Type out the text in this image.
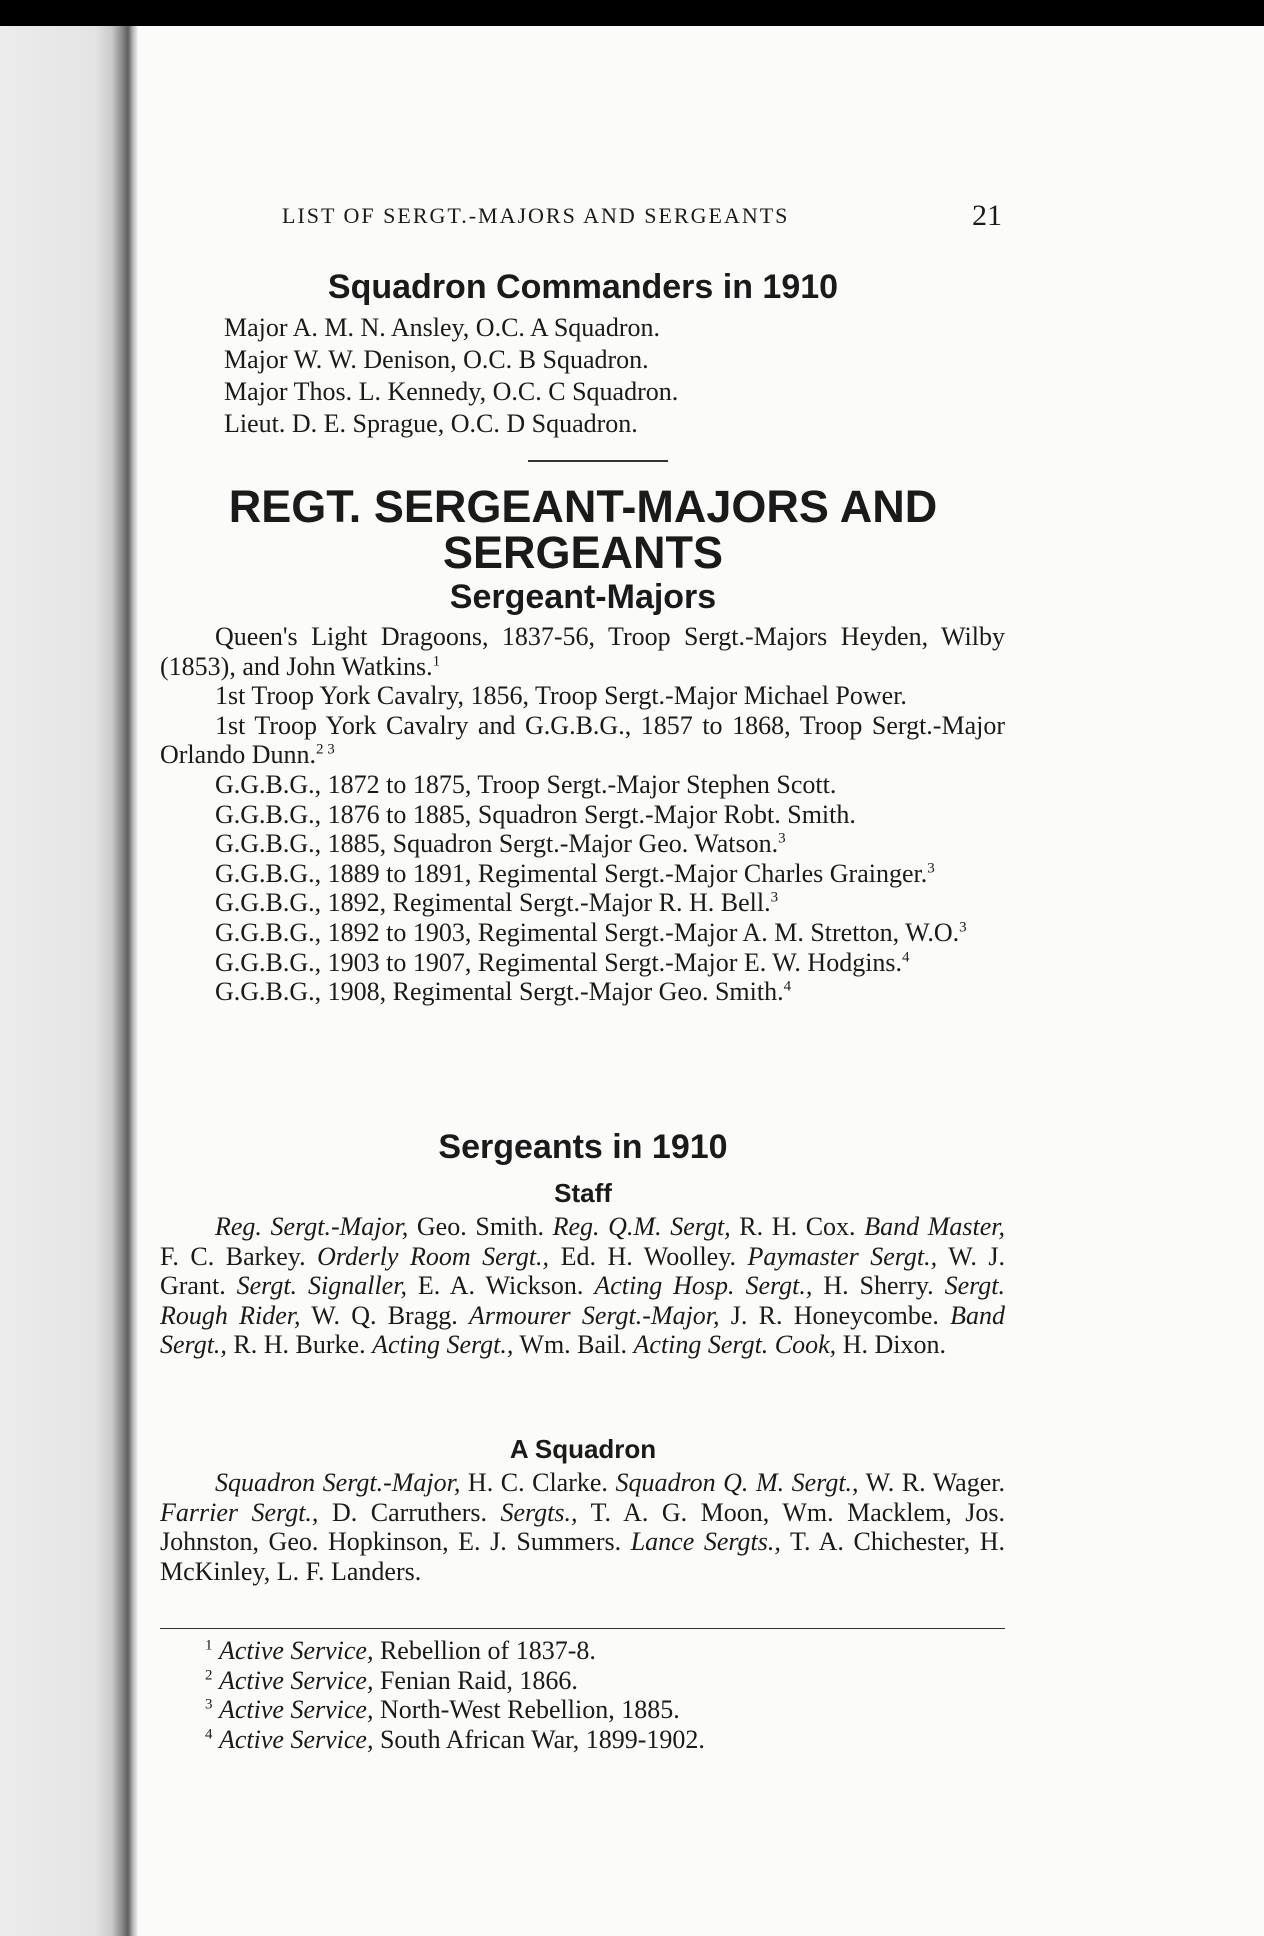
LIST OF SERGT.-MAJORS AND SERGEANTS	21
Squadron Commanders in 1910
Major A. M. N. Ansley, O.C. A Squadron.
Major W. W. Denison, O.C. B Squadron.
Major Thos. L. Kennedy, O.C. C Squadron.
Lieut. D. E. Sprague, O.C. D Squadron.
REGT. SERGEANT-MAJORS AND
SERGEANTS
Sergeant-Majors

Queen's Light Dragoons, 1837-56, Troop Sergt.-Majors Heyden, Wilby (1853), and John Watkins.$^1$

1st Troop York Cavalry, 1856, Troop Sergt.-Major Michael Power.

1st Troop York Cavalry and G.G.B.G., 1857 to 1868, Troop Sergt.-Major Orlando Dunn.$^{2 3}$

G.G.B.G., 1872 to 1875, Troop Sergt.-Major Stephen Scott.

G.G.B.G., 1876 to 1885, Squadron Sergt.-Major Robt. Smith.

G.G.B.G., 1885, Squadron Sergt.-Major Geo. Watson.$^3$

G.G.B.G., 1889 to 1891, Regimental Sergt.-Major Charles Grainger.$^3$

G.G.B.G., 1892, Regimental Sergt.-Major R. H. Bell.$^3$

G.G.B.G., 1892 to 1903, Regimental Sergt.-Major A. M. Stretton, W.O.$^3$

G.G.B.G., 1903 to 1907, Regimental Sergt.-Major E. W. Hodgins.$^4$

G.G.B.G., 1908, Regimental Sergt.-Major Geo. Smith.$^4$

Sergeants in 1910
Staff

Reg. Sergt.-Major, Geo. Smith. Reg. Q.M. Sergt, R. H. Cox. Band Master, F. C. Barkey. Orderly Room Sergt., Ed. H. Woolley. Paymaster Sergt., W. J. Grant. Sergt. Signaller, E. A. Wickson. Acting Hosp. Sergt., H. Sherry. Sergt. Rough Rider, W. Q. Bragg. Armourer Sergt.-Major, J. R. Honeycombe. Band Sergt., R. H. Burke. Acting Sergt., Wm. Bail. Acting Sergt. Cook, H. Dixon.

A Squadron

Squadron Sergt.-Major, H. C. Clarke. Squadron Q. M. Sergt., W. R. Wager. Farrier Sergt., D. Carruthers. Sergts., T. A. G. Moon, Wm. Macklem, Jos. Johnston, Geo. Hopkinson, E. J. Summers. Lance Sergts., T. A. Chichester, H. McKinley, L. F. Landers.

$^1$ Active Service, Rebellion of 1837-8.
$^2$ Active Service, Fenian Raid, 1866.
$^3$ Active Service, North-West Rebellion, 1885.
$^4$ Active Service, South African War, 1899-1902.
